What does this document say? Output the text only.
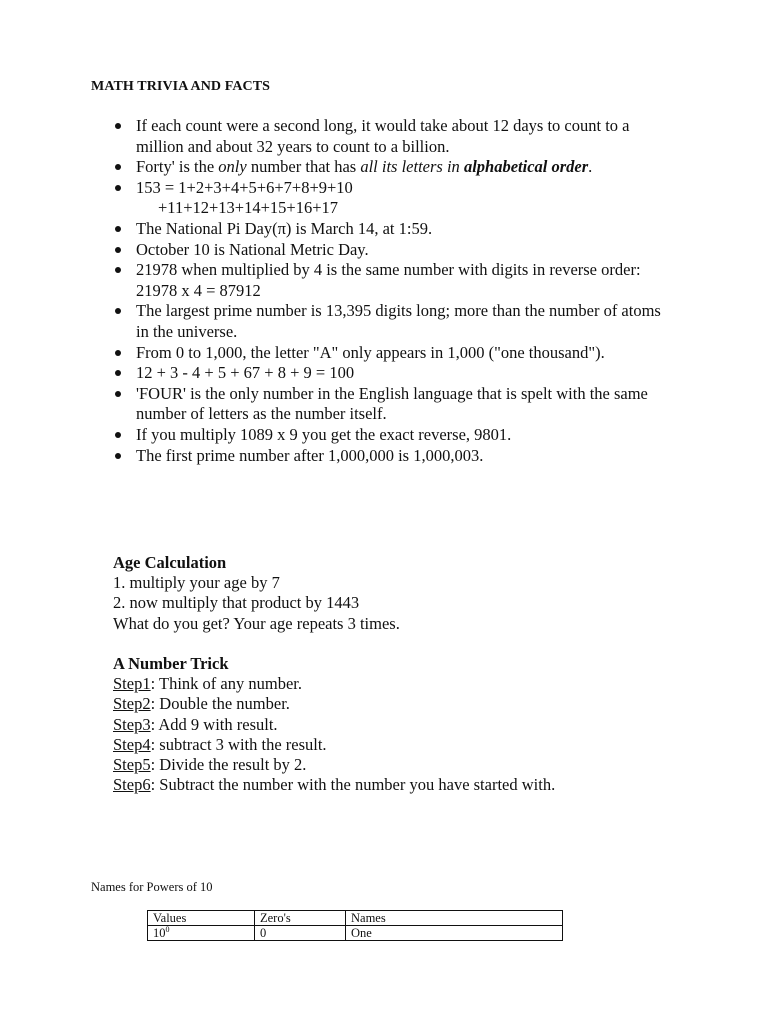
MATH TRIVIA AND FACTS
If each count were a second long, it would take about 12 days to count to a million and about 32 years to count to a billion.
Forty' is the only number that has all its letters in alphabetical order.
153 = 1+2+3+4+5+6+7+8+9+10
+11+12+13+14+15+16+17
The National Pi Day(π) is March 14, at 1:59.
October 10 is National Metric Day.
21978 when multiplied by 4 is the same number with digits in reverse order: 21978 x 4 = 87912
The largest prime number is 13,395 digits long; more than the number of atoms in the universe.
From 0 to 1,000, the letter "A" only appears in 1,000 ("one thousand").
12 + 3 - 4 + 5 + 67 + 8 + 9 = 100
'FOUR' is the only number in the English language that is spelt with the same number of letters as the number itself.
If you multiply 1089 x 9 you get the exact reverse, 9801.
The first prime number after 1,000,000 is 1,000,003.
Age Calculation
1. multiply your age by 7
2. now multiply that product by 1443
What do you get? Your age repeats 3 times.
A Number Trick
Step1: Think of any number.
Step2: Double the number.
Step3: Add 9 with result.
Step4: subtract 3 with the result.
Step5: Divide the result by 2.
Step6: Subtract the number with the number you have started with.
Names for Powers of 10
Values	Zero's	Names
$10^0$	0	One
